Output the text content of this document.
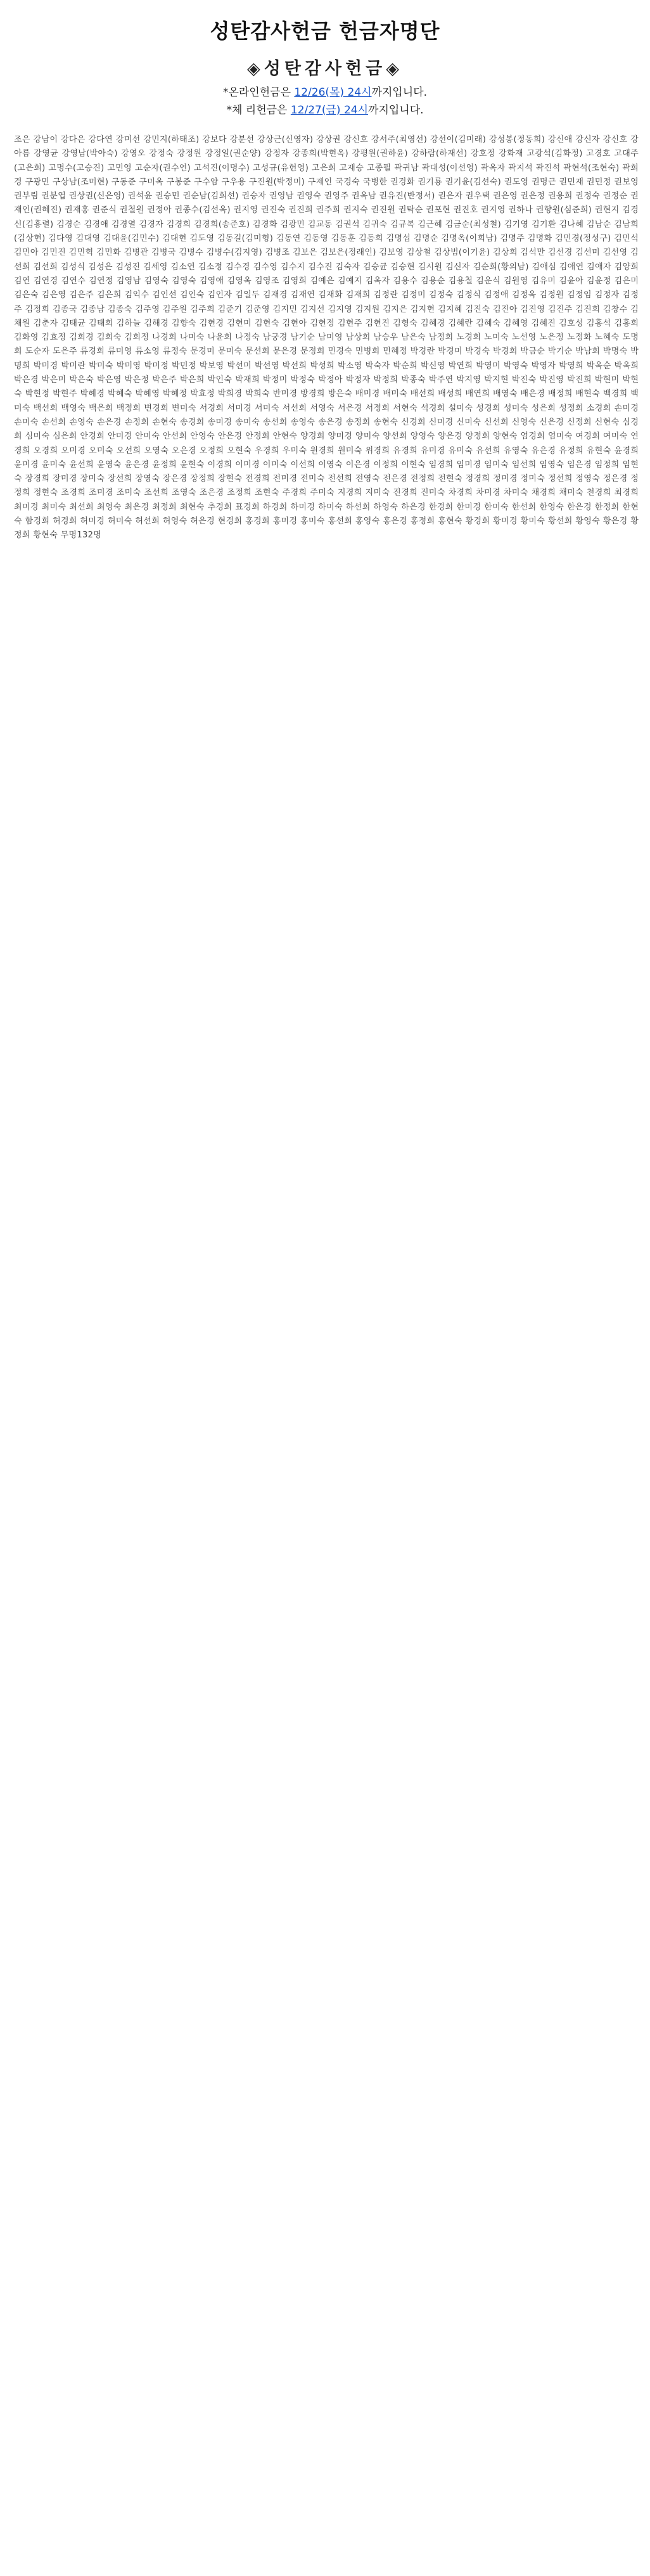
성탄감사헌금 헌금자명단
◈성탄감사헌금◈
*온라인헌금은 12/26(목) 24시까지입니다.
*체 리헌금은 12/27(금) 24시까지입니다.
조은 강남이 강다은 강다연 강미선 강민지(하태조) 강보다 강분선 강상근(신영자) 강상권 강신호 강서주(최영선) 강선이(김미래) 강성봉(정동희) 강신애 강신자 강신호 강아름 강영균 강영남(박아숙) 강영오 강정숙 강정원 강정일(권순양) 강정자 강종희(박현옥) 강평원(권하윤) 강하람(하재선) 강호정 강화재 고광석(김화정) 고경호 고대주(고은희) 고명수(고승진) 고민영 고순자(권수연) 고석진(이명수) 고성규(유헌영) 고은희 고재승 고종필 곽귀남 곽대성(이선영) 곽옥자 곽지석 곽진석 곽현석(조현숙) 곽희경 구광민 구상남(조미현) 구동준 구미옥 구봉준 구수암 구우용 구진원(박정미) 구제인 국경숙 국병한 권경화 권기룡 권기윤(김선숙) 권도영 권명근 권민재 권민정 권보영 권부림 권분엽 권상권(신은영) 권석윤 권승민 권순남(김희선) 권승자 권영남 권영숙 권영주 권옥남 권유진(반정서) 권은자 권우택 권은영 권은정 권용희 권정숙 권정순 권재인(권혜진) 권재홍 권준식 권철원 권정아 권종수(김선옥) 권지영 권진숙 권진희 권주희 권지숙 권진원 권탁순 권포현 권진호 권지영 권하나 권향원(심준희) 권현지 김경신(김흥렬) 김경순 김경애 김경열 김경자 김경희 김경희(송준호) 김경화 김광민 김교동 김권석 김귀숙 김규복 김근혜 김금순(최성철) 김기영 김기환 김나혜 김남순 김남희(김상현) 김다영 김대영 김대윤(김민수) 김대현 김도영 김동길(김미형) 김동연 김동영 김동훈 김동희 김명섭 김명순 김명옥(이희남) 김명주 김명화 김민경(정성구) 김민석 김민아 김민진 김민혁 김민화 김병관 김병국 김병수 김병수(김지영) 김병조 김보은 김보은(정래인) 김보영 김상철 김상범(이기윤) 김상희 김석만 김선경 김선미 김선영 김선희 김선희 김성식 김성은 김성진 김세영 김소연 김소정 김수경 김수영 김수지 김수진 김숙자 김승균 김승현 김시원 김신자 김순희(황의남) 김애심 김애연 김애자 김양희 김연 김연경 김연수 김연정 김영남 김영숙 김영숙 김영애 김영옥 김영조 김영희 김예은 김예지 김옥자 김용수 김용순 김용철 김운식 김원영 김유미 김윤아 김윤정 김은미 김은숙 김은영 김은주 김은희 김익수 김인선 김인숙 김인자 김일두 김재경 김재연 김재화 김재희 김정란 김정미 김정숙 김정식 김정애 김정옥 김정원 김정임 김정자 김정주 김정희 김종국 김종남 김종숙 김주영 김주원 김주희 김준기 김준영 김지민 김지선 김지영 김지원 김지은 김지현 김지혜 김진숙 김진아 김진영 김진주 김진희 김창수 김채원 김춘자 김태균 김태희 김하늘 김해경 김향숙 김현경 김현미 김현숙 김현아 김현정 김현주 김현진 김형숙 김혜경 김혜란 김혜숙 김혜영 김혜진 김호성 김홍석 김홍희 김화영 김효정 김희경 김희숙 김희정 나경희 나미숙 나윤희 나정숙 남궁경 남기순 남미영 남상희 남승우 남은숙 남정희 노경희 노미숙 노선영 노은정 노정화 노혜숙 도명희 도순자 도은주 류경희 류미영 류소영 류정숙 문경미 문미숙 문선희 문은경 문정희 민경숙 민병희 민혜정 박경란 박경미 박경숙 박경희 박금순 박기순 박남희 박명숙 박명희 박미경 박미란 박미숙 박미영 박미정 박민정 박보영 박선미 박선영 박선희 박성희 박소영 박숙자 박순희 박신영 박연희 박영미 박영숙 박영자 박영희 박옥순 박옥희 박은경 박은미 박은숙 박은영 박은정 박은주 박은희 박인숙 박재희 박정미 박정숙 박정아 박정자 박정희 박종숙 박주연 박지영 박지현 박진숙 박진영 박진희 박현미 박현숙 박현정 박현주 박혜경 박혜숙 박혜영 박혜정 박효정 박희경 박희숙 반미경 방경희 방은숙 배미경 배미숙 배선희 배성희 배연희 배영숙 배은경 배정희 배현숙 백경희 백미숙 백선희 백영숙 백은희 백정희 변경희 변미숙 서경희 서미경 서미숙 서선희 서영숙 서은경 서정희 서현숙 석경희 설미숙 성경희 성미숙 성은희 성정희 소경희 손미경 손미숙 손선희 손영숙 손은경 손정희 손현숙 송경희 송미경 송미숙 송선희 송영숙 송은경 송정희 송현숙 신경희 신미경 신미숙 신선희 신영숙 신은경 신정희 신현숙 심경희 심미숙 심은희 안경희 안미경 안미숙 안선희 안영숙 안은경 안정희 안현숙 양경희 양미경 양미숙 양선희 양영숙 양은경 양정희 양현숙 엄경희 엄미숙 여경희 여미숙 연경희 오경희 오미경 오미숙 오선희 오영숙 오은경 오정희 오현숙 우경희 우미숙 원경희 원미숙 위경희 유경희 유미경 유미숙 유선희 유영숙 유은경 유정희 유현숙 윤경희 윤미경 윤미숙 윤선희 윤영숙 윤은경 윤정희 윤현숙 이경희 이미경 이미숙 이선희 이영숙 이은경 이정희 이현숙 임경희 임미경 임미숙 임선희 임영숙 임은경 임정희 임현숙 장경희 장미경 장미숙 장선희 장영숙 장은경 장정희 장현숙 전경희 전미경 전미숙 전선희 전영숙 전은경 전정희 전현숙 정경희 정미경 정미숙 정선희 정영숙 정은경 정정희 정현숙 조경희 조미경 조미숙 조선희 조영숙 조은경 조정희 조현숙 주경희 주미숙 지경희 지미숙 진경희 진미숙 차경희 차미경 차미숙 채경희 채미숙 천경희 최경희 최미경 최미숙 최선희 최영숙 최은경 최정희 최현숙 추경희 표경희 하경희 하미경 하미숙 하선희 하영숙 하은경 한경희 한미경 한미숙 한선희 한영숙 한은경 한정희 한현숙 함경희 허경희 허미경 허미숙 허선희 허영숙 허은경 현경희 홍경희 홍미경 홍미숙 홍선희 홍영숙 홍은경 홍정희 홍현숙 황경희 황미경 황미숙 황선희 황영숙 황은경 황정희 황현숙 무명132명
